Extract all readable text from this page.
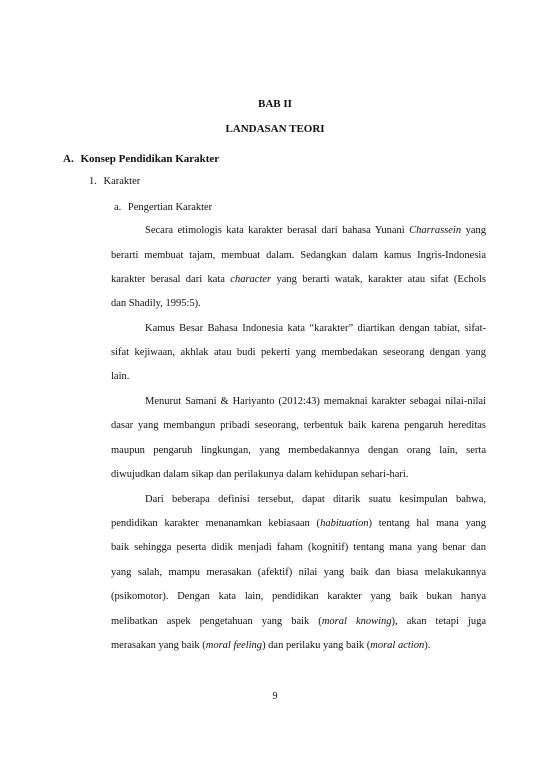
BAB II
LANDASAN TEORI
A. Konsep Pendidikan Karakter
1. Karakter
a. Pengertian Karakter
Secara etimologis kata karakter berasal dari bahasa Yunani Charrassein yang
berarti membuat tajam, membuat dalam. Sedangkan dalam kamus Ingris-Indonesia
karakter berasal dari kata character yang berarti watak, karakter atau sifat (Echols
dan Shadily, 1995:5).
Kamus Besar Bahasa Indonesia kata “karakter” diartikan dengan tabiat, sifat-
sifat kejiwaan, akhlak atau budi pekerti yang membedakan seseorang dengan yang
lain.
Menurut Samani & Hariyanto (2012:43) memaknai karakter sebagai nilai-nilai
dasar yang membangun pribadi seseorang, terbentuk baik karena pengaruh hereditas
maupun pengaruh lingkungan, yang membedakannya dengan orang lain, serta
diwujudkan dalam sikap dan perilakunya dalam kehidupan sehari-hari.
Dari beberapa definisi tersebut, dapat ditarik suatu kesimpulan bahwa,
pendidikan karakter menanamkan kebiasaan (habituation) tentang hal mana yang
baik sehingga peserta didik menjadi faham (kognitif) tentang mana yang benar dan
yang salah, mampu merasakan (afektif) nilai yang baik dan biasa melakukannya
(psikomotor). Dengan kata lain, pendidikan karakter yang baik bukan hanya
melibatkan aspek pengetahuan yang baik (moral knowing), akan tetapi juga
merasakan yang baik (moral feeling) dan perilaku yang baik (moral action).
9
